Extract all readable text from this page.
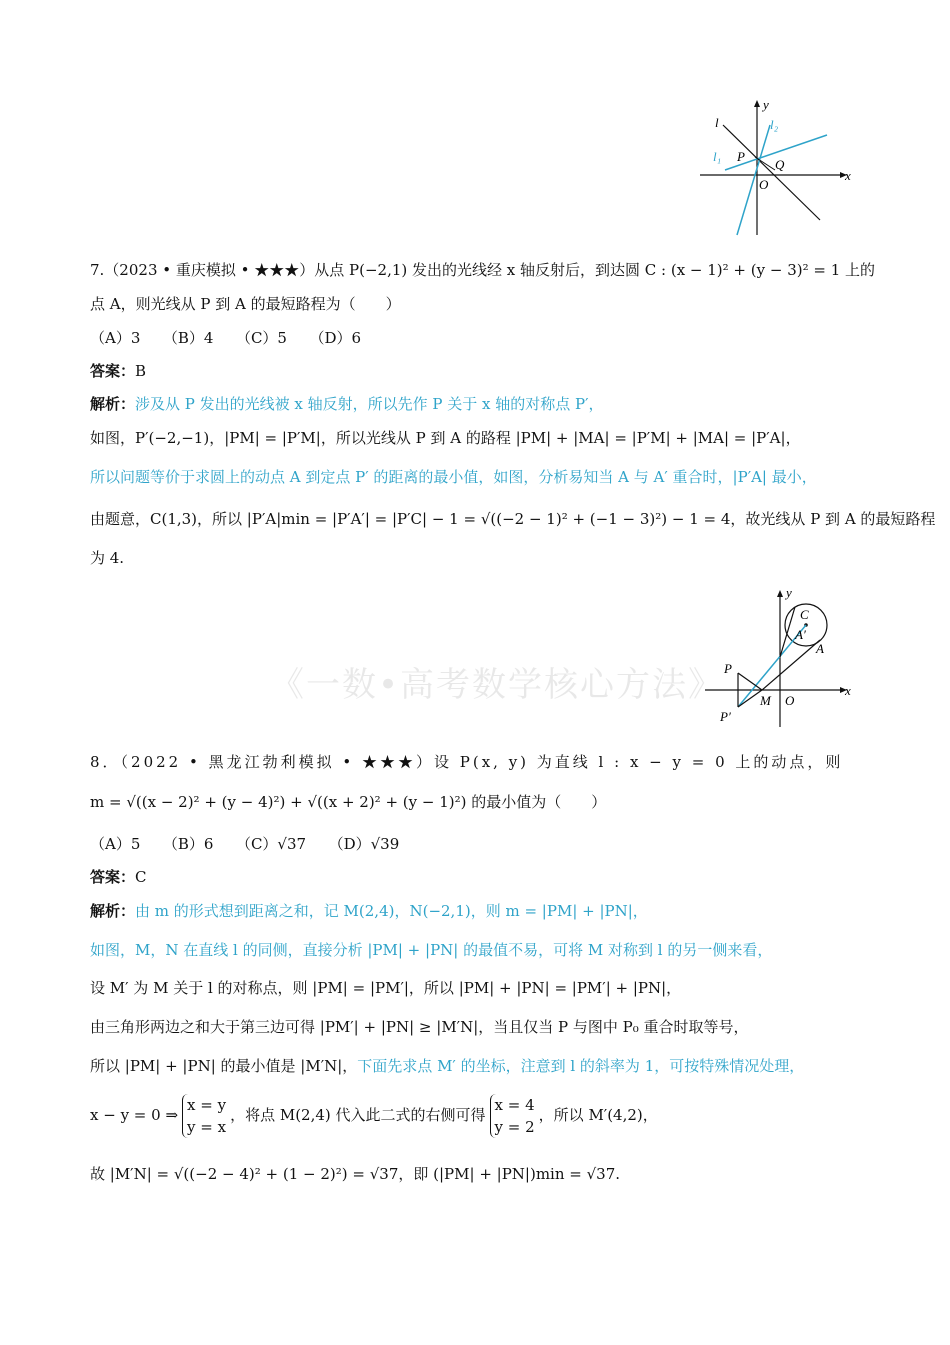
y
x
l	l₂
l₁ P
Q
O
7.（2023 • 重庆模拟 • ★★★）从点 P(−2,1) 发出的光线经 x 轴反射后，到达圆 C : (x − 1)² + (y − 3)² = 1 上的
点 A，则光线从 P 到 A 的最短路程为（　　）
（A）3　　（B）4　　（C）5　　（D）6
答案：B
解析：涉及从 P 发出的光线被 x 轴反射，所以先作 P 关于 x 轴的对称点 P′，
如图，P′(−2,−1)，|PM| = |P′M|，所以光线从 P 到 A 的路程 |PM| + |MA| = |P′M| + |MA| = |P′A|，
所以问题等价于求圆上的动点 A 到定点 P′ 的距离的最小值，如图，分析易知当 A 与 A′ 重合时，|P′A| 最小，
由题意，C(1,3)，所以 |P′A|min = |P′A′| = |P′C| − 1 = √((−2 − 1)² + (−1 − 3)²) − 1 = 4，故光线从 P 到 A 的最短路程
为 4.
y
x
C
A′
A
P
P′
M O
《一数•高考数学核心方法》
8．（2022 • 黑龙江勃利模拟 • ★★★）设 P(x, y) 为直线 l : x − y = 0 上的动点，则
m = √((x − 2)² + (y − 4)²) + √((x + 2)² + (y − 1)²) 的最小值为（　　）
（A）5　　（B）6　　（C）√37　　（D）√39
答案：C
解析：由 m 的形式想到距离之和，记 M(2,4)，N(−2,1)，则 m = |PM| + |PN|，
如图，M，N 在直线 l 的同侧，直接分析 |PM| + |PN| 的最值不易，可将 M 对称到 l 的另一侧来看，
设 M′ 为 M 关于 l 的对称点，则 |PM| = |PM′|，所以 |PM| + |PN| = |PM′| + |PN|，
由三角形两边之和大于第三边可得 |PM′| + |PN| ≥ |M′N|，当且仅当 P 与图中 P₀ 重合时取等号，
所以 |PM| + |PN| 的最小值是 |M′N|，下面先求点 M′ 的坐标，注意到 l 的斜率为 1，可按特殊情况处理，
x − y = 0 ⇒
x = y
y = x
，将点 M(2,4) 代入此二式的右侧可得
x = 4
y = 2
，所以 M′(4,2)，
故 |M′N| = √((−2 − 4)² + (1 − 2)²) = √37，即 (|PM| + |PN|)min = √37.
